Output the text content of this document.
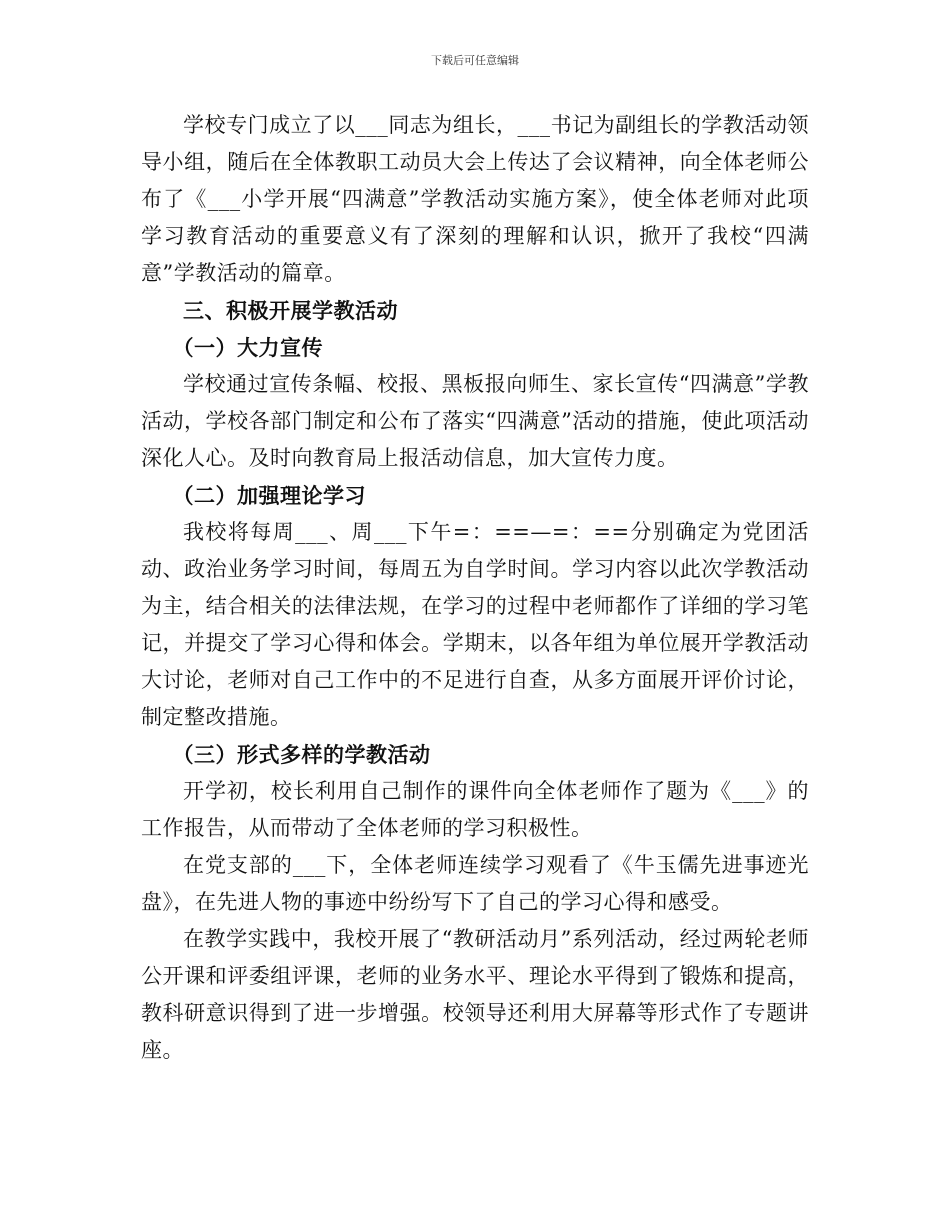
下载后可任意编辑

学校专门成立了以___同志为组长，___书记为副组长的学教活动领导小组，随后在全体教职工动员大会上传达了会议精神，向全体老师公布了《___小学开展“四满意”学教活动实施方案》，使全体老师对此项学习教育活动的重要意义有了深刻的理解和认识，掀开了我校“四满意”学教活动的篇章。

三、积极开展学教活动

（一）大力宣传

学校通过宣传条幅、校报、黑板报向师生、家长宣传“四满意”学教活动，学校各部门制定和公布了落实“四满意”活动的措施，使此项活动深化人心。及时向教育局上报活动信息，加大宣传力度。

（二）加强理论学习

我校将每周___、周___下午=：==—=：==分别确定为党团活动、政治业务学习时间，每周五为自学时间。学习内容以此次学教活动为主，结合相关的法律法规，在学习的过程中老师都作了详细的学习笔记，并提交了学习心得和体会。学期末，以各年组为单位展开学教活动大讨论，老师对自己工作中的不足进行自查，从多方面展开评价讨论，制定整改措施。

（三）形式多样的学教活动

开学初，校长利用自己制作的课件向全体老师作了题为《___》的工作报告，从而带动了全体老师的学习积极性。

在党支部的___下，全体老师连续学习观看了《牛玉儒先进事迹光盘》，在先进人物的事迹中纷纷写下了自己的学习心得和感受。

在教学实践中，我校开展了“教研活动月”系列活动，经过两轮老师公开课和评委组评课，老师的业务水平、理论水平得到了锻炼和提高，教科研意识得到了进一步增强。校领导还利用大屏幕等形式作了专题讲座。
